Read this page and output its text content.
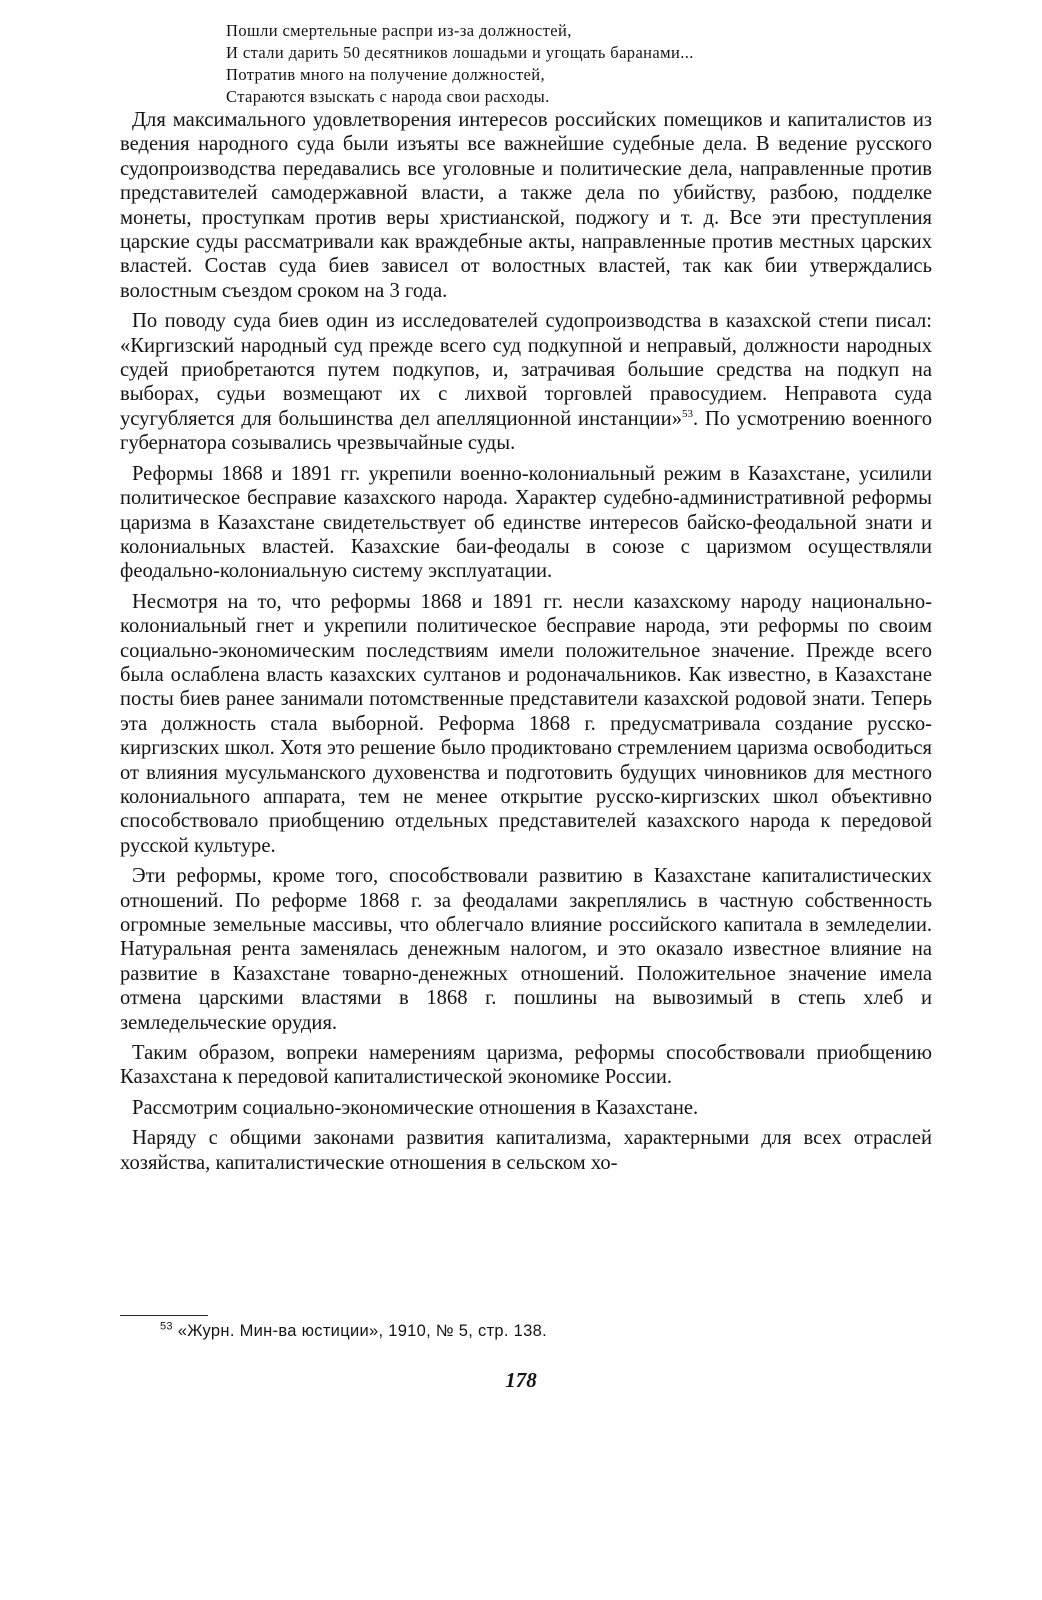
Пошли смертельные распри из-за должностей,
И стали дарить 50 десятников лошадьми и угощать баранами...
Потратив много на получение должностей,
Стараются взыскать с народа свои расходы.

Для максимального удовлетворения интересов российских помещиков и капиталистов из ведения народного суда были изъяты все важнейшие судебные дела. В ведение русского судопроизводства передавались все уголовные и политические дела, направленные против представителей самодержавной власти, а также дела по убийству, разбою, подделке монеты, проступкам против веры христианской, поджогу и т. д. Все эти преступления царские суды рассматривали как враждебные акты, направленные против местных царских властей. Состав суда биев зависел от волостных властей, так как бии утверждались волостным съездом сроком на 3 года.

По поводу суда биев один из исследователей судопроизводства в казахской степи писал: «Киргизский народный суд прежде всего суд подкупной и неправый, должности народных судей приобретаются путем подкупов, и, затрачивая большие средства на подкуп на выборах, судьи возмещают их с лихвой торговлей правосудием. Неправота суда усугубляется для большинства дел апелляционной инстанции»$^{53}$. По усмотрению военного губернатора созывались чрезвычайные суды.

Реформы 1868 и 1891 гг. укрепили военно-колониальный режим в Казахстане, усилили политическое бесправие казахского народа. Характер судебно-административной реформы царизма в Казахстане свидетельствует об единстве интересов байско-феодальной знати и колониальных властей. Казахские баи-феодалы в союзе с царизмом осуществляли феодально-колониальную систему эксплуатации.

Несмотря на то, что реформы 1868 и 1891 гг. несли казахскому народу национально-колониальный гнет и укрепили политическое бесправие народа, эти реформы по своим социально-экономическим последствиям имели положительное значение. Прежде всего была ослаблена власть казахских султанов и родоначальников. Как известно, в Казахстане посты биев ранее занимали потомственные представители казахской родовой знати. Теперь эта должность стала выборной. Реформа 1868 г. предусматривала создание русско-киргизских школ. Хотя это решение было продиктовано стремлением царизма освободиться от влияния мусульманского духовенства и подготовить будущих чиновников для местного колониального аппарата, тем не менее открытие русско-киргизских школ объективно способствовало приобщению отдельных представителей казахского народа к передовой русской культуре.

Эти реформы, кроме того, способствовали развитию в Казахстане капиталистических отношений. По реформе 1868 г. за феодалами закреплялись в частную собственность огромные земельные массивы, что облегчало влияние российского капитала в земледелии. Натуральная рента заменялась денежным налогом, и это оказало известное влияние на развитие в Казахстане товарно-денежных отношений. Положительное значение имела отмена царскими властями в 1868 г. пошлины на вывозимый в степь хлеб и земледельческие орудия.

Таким образом, вопреки намерениям царизма, реформы способствовали приобщению Казахстана к передовой капиталистической экономике России.

Рассмотрим социально-экономические отношения в Казахстане.

Наряду с общими законами развития капитализма, характерными для всех отраслей хозяйства, капиталистические отношения в сельском хо-

$^{53}$ «Журн. Мин-ва юстиции», 1910, № 5, стр. 138.
178
